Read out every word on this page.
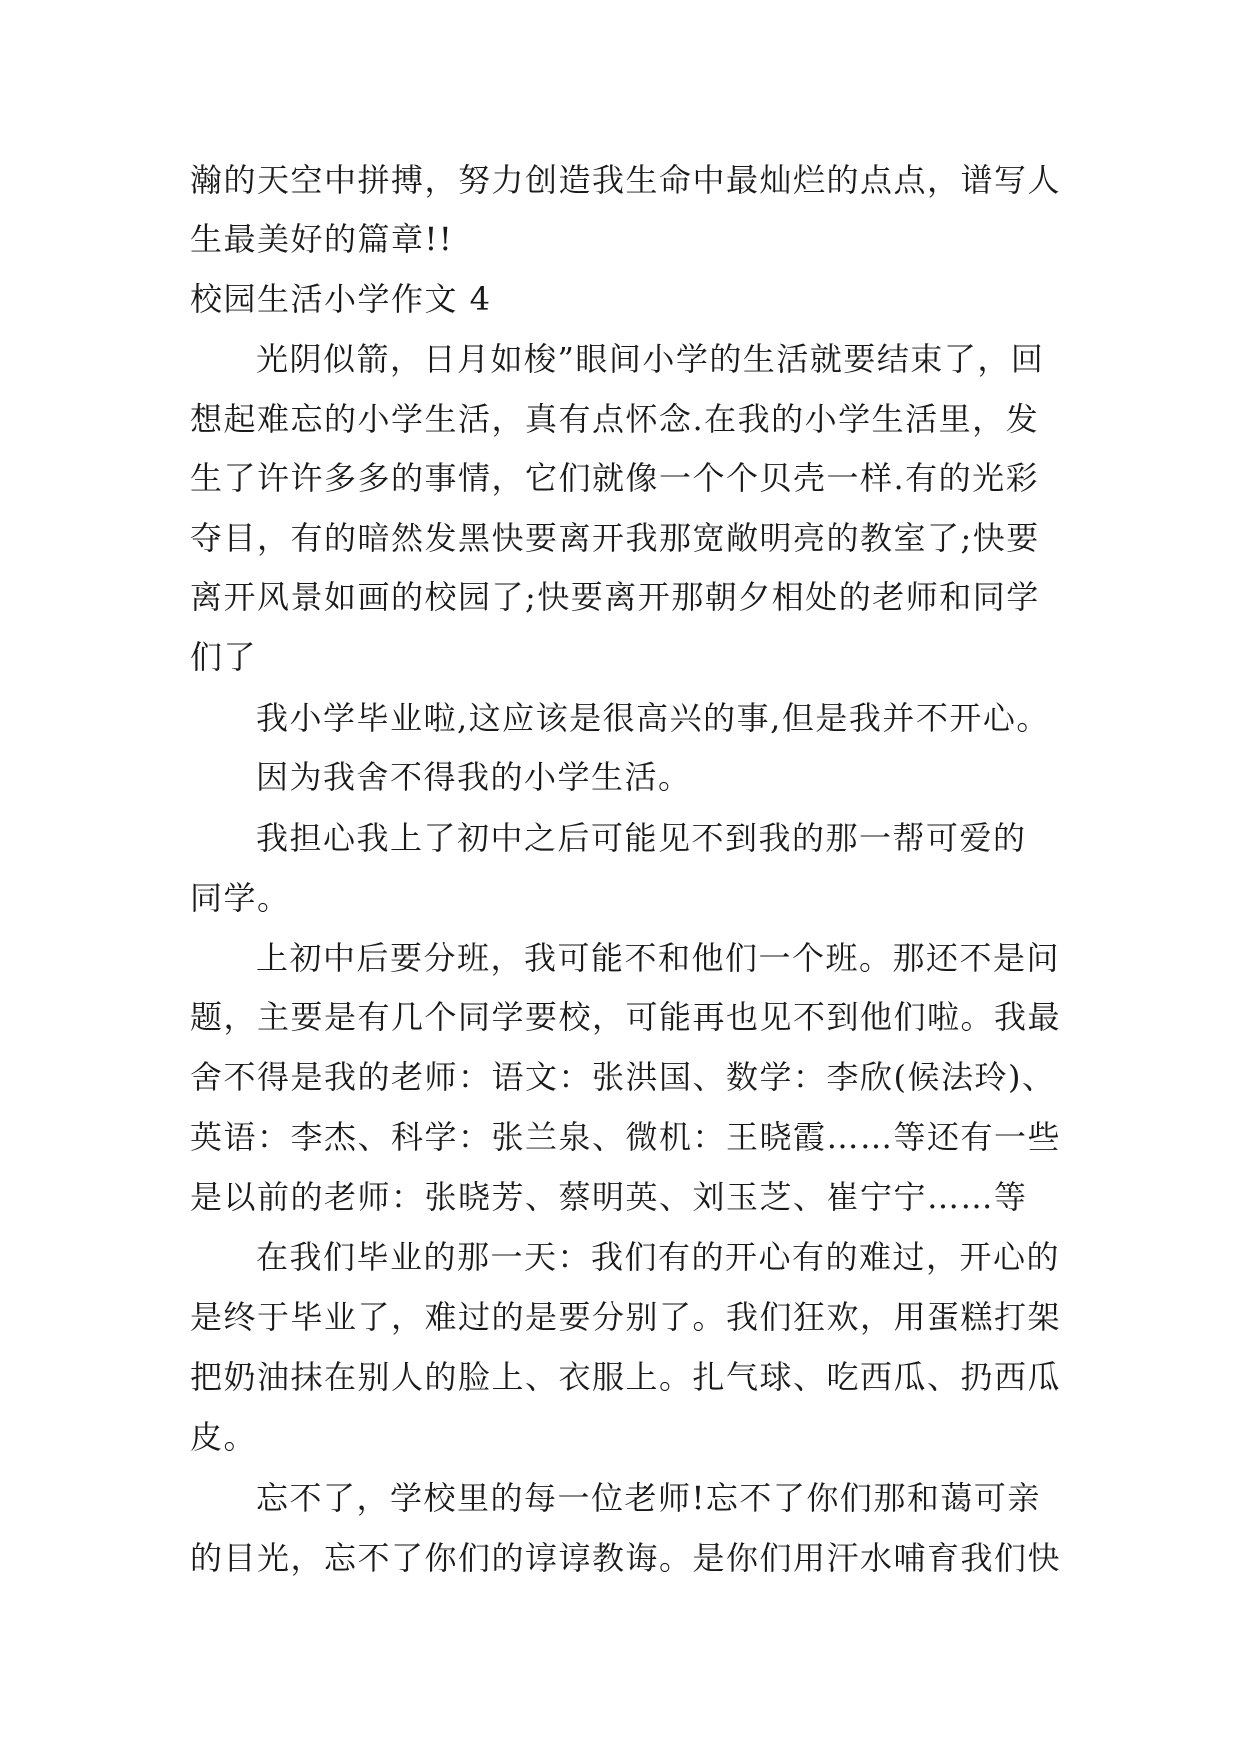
瀚的天空中拼搏，努力创造我生命中最灿烂的点点，谱写人
生最美好的篇章!!
校园生活小学作文 4
光阴似箭，日月如梭”眼间小学的生活就要结束了，回
想起难忘的小学生活，真有点怀念.在我的小学生活里，发
生了许许多多的事情，它们就像一个个贝壳一样.有的光彩
夺目，有的暗然发黑快要离开我那宽敞明亮的教室了;快要
离开风景如画的校园了;快要离开那朝夕相处的老师和同学
们了
我小学毕业啦,这应该是很高兴的事,但是我并不开心。
因为我舍不得我的小学生活。
我担心我上了初中之后可能见不到我的那一帮可爱的
同学。
上初中后要分班，我可能不和他们一个班。那还不是问
题，主要是有几个同学要校，可能再也见不到他们啦。我最
舍不得是我的老师：语文：张洪国、数学：李欣(候法玲)、
英语：李杰、科学：张兰泉、微机：王晓霞……等还有一些
是以前的老师：张晓芳、蔡明英、刘玉芝、崔宁宁……等
在我们毕业的那一天：我们有的开心有的难过，开心的
是终于毕业了，难过的是要分别了。我们狂欢，用蛋糕打架
把奶油抹在别人的脸上、衣服上。扎气球、吃西瓜、扔西瓜
皮。
忘不了，学校里的每一位老师!忘不了你们那和蔼可亲
的目光，忘不了你们的谆谆教诲。是你们用汗水哺育我们快
